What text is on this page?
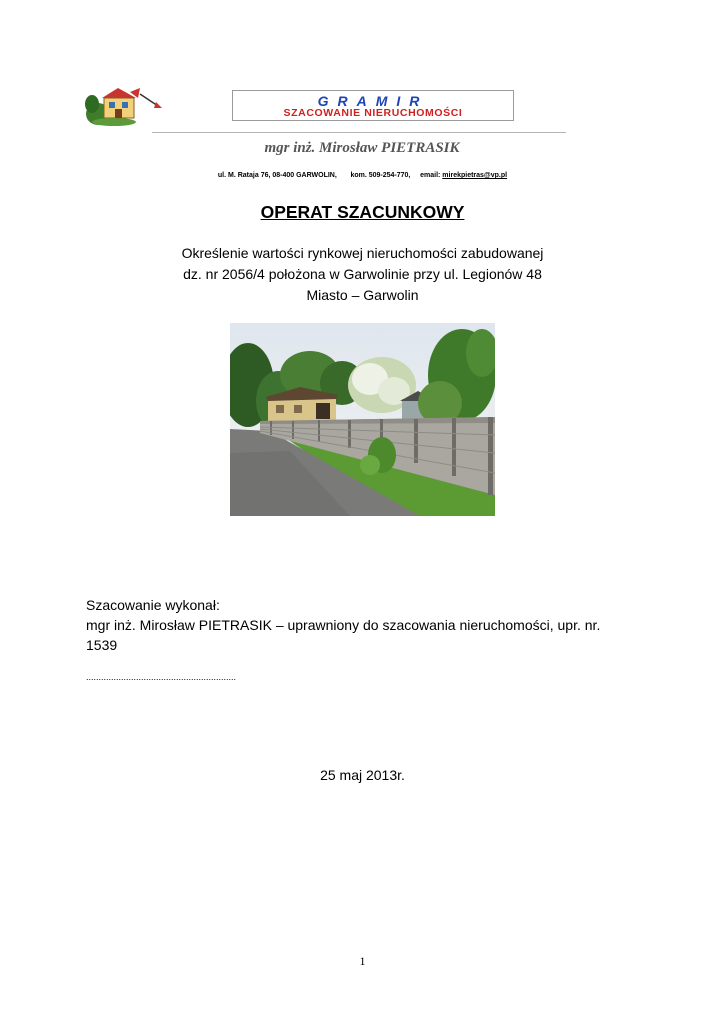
GRAMIR
SZACOWANIE NIERUCHOMOŚCI
mgr inż. Mirosław PIETRASIK
ul. M. Rataja 76, 08-400 GARWOLIN, kom. 509-254-770, email: mirekpietras@vp.pl
OPERAT SZACUNKOWY
Określenie wartości rynkowej nieruchomości zabudowanej
dz. nr 2056/4 położona w Garwolinie przy ul. Legionów 48
Miasto – Garwolin
Szacowanie wykonał:
mgr inż. Mirosław PIETRASIK – uprawniony do szacowania nieruchomości, upr. nr.
1539
............................................................
25 maj 2013r.
1
